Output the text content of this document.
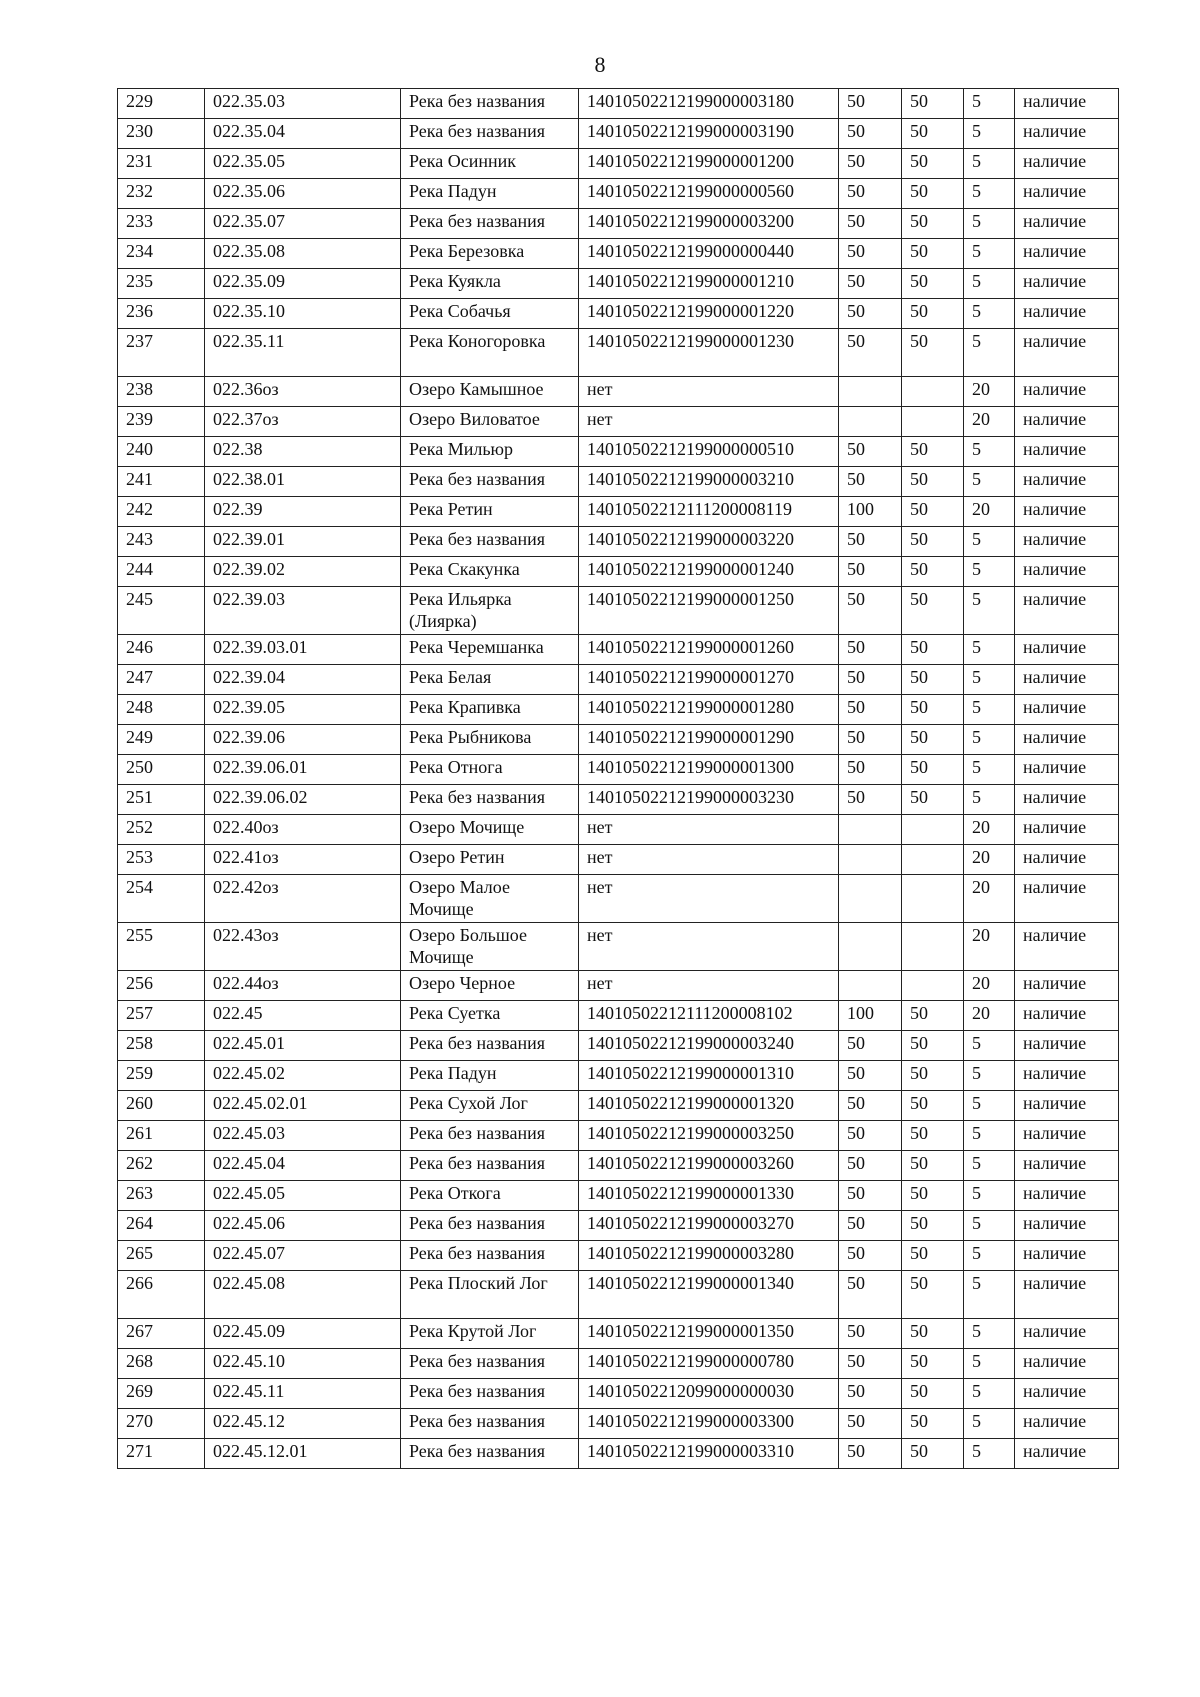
8
229	022.35.03	Река без названия	14010502212199000003180	50	50	5	наличие
230	022.35.04	Река без названия	14010502212199000003190	50	50	5	наличие
231	022.35.05	Река Осинник	14010502212199000001200	50	50	5	наличие
232	022.35.06	Река Падун	14010502212199000000560	50	50	5	наличие
233	022.35.07	Река без названия	14010502212199000003200	50	50	5	наличие
234	022.35.08	Река Березовка	14010502212199000000440	50	50	5	наличие
235	022.35.09	Река Куякла	14010502212199000001210	50	50	5	наличие
236	022.35.10	Река Собачья	14010502212199000001220	50	50	5	наличие
237	022.35.11	Река Коногоровка	14010502212199000001230	50	50	5	наличие
238	022.36оз	Озеро Камышное	нет			20	наличие
239	022.37оз	Озеро Виловатое	нет			20	наличие
240	022.38	Река Мильюр	14010502212199000000510	50	50	5	наличие
241	022.38.01	Река без названия	14010502212199000003210	50	50	5	наличие
242	022.39	Река Ретин	14010502212111200008119	100	50	20	наличие
243	022.39.01	Река без названия	14010502212199000003220	50	50	5	наличие
244	022.39.02	Река Скакунка	14010502212199000001240	50	50	5	наличие
245	022.39.03	Река Ильярка (Лиярка)	14010502212199000001250	50	50	5	наличие
246	022.39.03.01	Река Черемшанка	14010502212199000001260	50	50	5	наличие
247	022.39.04	Река Белая	14010502212199000001270	50	50	5	наличие
248	022.39.05	Река Крапивка	14010502212199000001280	50	50	5	наличие
249	022.39.06	Река Рыбникова	14010502212199000001290	50	50	5	наличие
250	022.39.06.01	Река Отнога	14010502212199000001300	50	50	5	наличие
251	022.39.06.02	Река без названия	14010502212199000003230	50	50	5	наличие
252	022.40оз	Озеро Мочище	нет			20	наличие
253	022.41оз	Озеро Ретин	нет			20	наличие
254	022.42оз	Озеро Малое Мочище	нет			20	наличие
255	022.43оз	Озеро Большое Мочище	нет			20	наличие
256	022.44оз	Озеро Черное	нет			20	наличие
257	022.45	Река Суетка	14010502212111200008102	100	50	20	наличие
258	022.45.01	Река без названия	14010502212199000003240	50	50	5	наличие
259	022.45.02	Река Падун	14010502212199000001310	50	50	5	наличие
260	022.45.02.01	Река Сухой Лог	14010502212199000001320	50	50	5	наличие
261	022.45.03	Река без названия	14010502212199000003250	50	50	5	наличие
262	022.45.04	Река без названия	14010502212199000003260	50	50	5	наличие
263	022.45.05	Река Откога	14010502212199000001330	50	50	5	наличие
264	022.45.06	Река без названия	14010502212199000003270	50	50	5	наличие
265	022.45.07	Река без названия	14010502212199000003280	50	50	5	наличие
266	022.45.08	Река Плоский Лог	14010502212199000001340	50	50	5	наличие
267	022.45.09	Река Крутой Лог	14010502212199000001350	50	50	5	наличие
268	022.45.10	Река без названия	14010502212199000000780	50	50	5	наличие
269	022.45.11	Река без названия	14010502212099000000030	50	50	5	наличие
270	022.45.12	Река без названия	14010502212199000003300	50	50	5	наличие
271	022.45.12.01	Река без названия	14010502212199000003310	50	50	5	наличие
